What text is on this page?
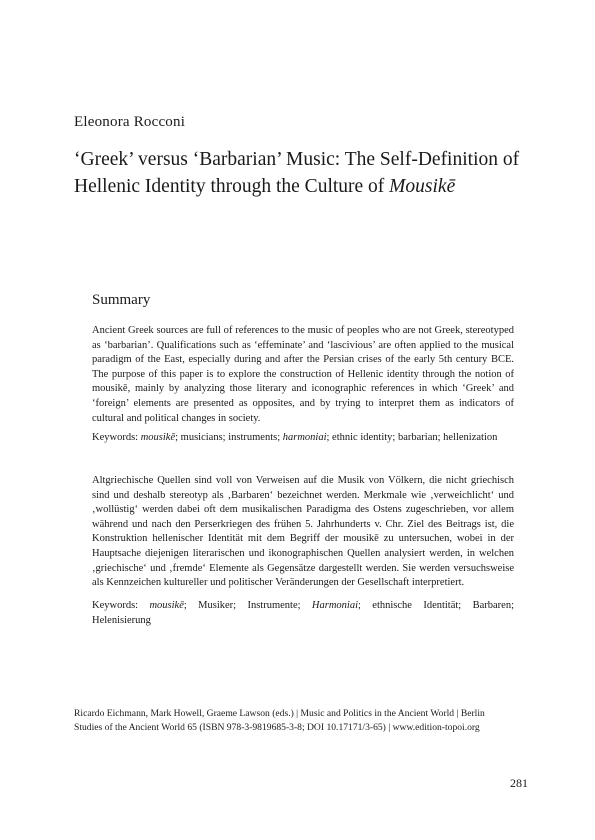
Eleonora Rocconi
‘Greek’ versus ‘Barbarian’ Music: The Self-Definition of Hellenic Identity through the Culture of Mousikē
Summary
Ancient Greek sources are full of references to the music of peoples who are not Greek, stereotyped as ‘barbarian’. Qualifications such as ‘effeminate’ and ‘lascivious’ are often applied to the musical paradigm of the East, especially during and after the Persian crises of the early 5th century BCE. The purpose of this paper is to explore the construction of Hellenic identity through the notion of mousikē, mainly by analyzing those literary and iconographic references in which ‘Greek’ and ‘foreign’ elements are presented as opposites, and by trying to interpret them as indicators of cultural and political changes in society.
Keywords: mousikē; musicians; instruments; harmoniai; ethnic identity; barbarian; hellenization
Altgriechische Quellen sind voll von Verweisen auf die Musik von Völkern, die nicht griechisch sind und deshalb stereotyp als ‚Barbaren‘ bezeichnet werden. Merkmale wie ‚verweichlicht‘ und ‚wollüstig‘ werden dabei oft dem musikalischen Paradigma des Ostens zugeschrieben, vor allem während und nach den Perserkriegen des frühen 5. Jahrhunderts v. Chr. Ziel des Beitrags ist, die Konstruktion hellenischer Identität mit dem Begriff der mousikē zu untersuchen, wobei in der Hauptsache diejenigen literarischen und ikonographischen Quellen analysiert werden, in welchen ‚griechische‘ und ‚fremde‘ Elemente als Gegensätze dargestellt werden. Sie werden versuchsweise als Kennzeichen kultureller und politischer Veränderungen der Gesellschaft interpretiert.
Keywords: mousikē; Musiker; Instrumente; Harmoniai; ethnische Identität; Barbaren; Helenisierung
Ricardo Eichmann, Mark Howell, Graeme Lawson (eds.) | Music and Politics in the Ancient World | Berlin Studies of the Ancient World 65 (ISBN 978-3-9819685-3-8; DOI 10.17171/3-65) | www.edition-topoi.org
281
